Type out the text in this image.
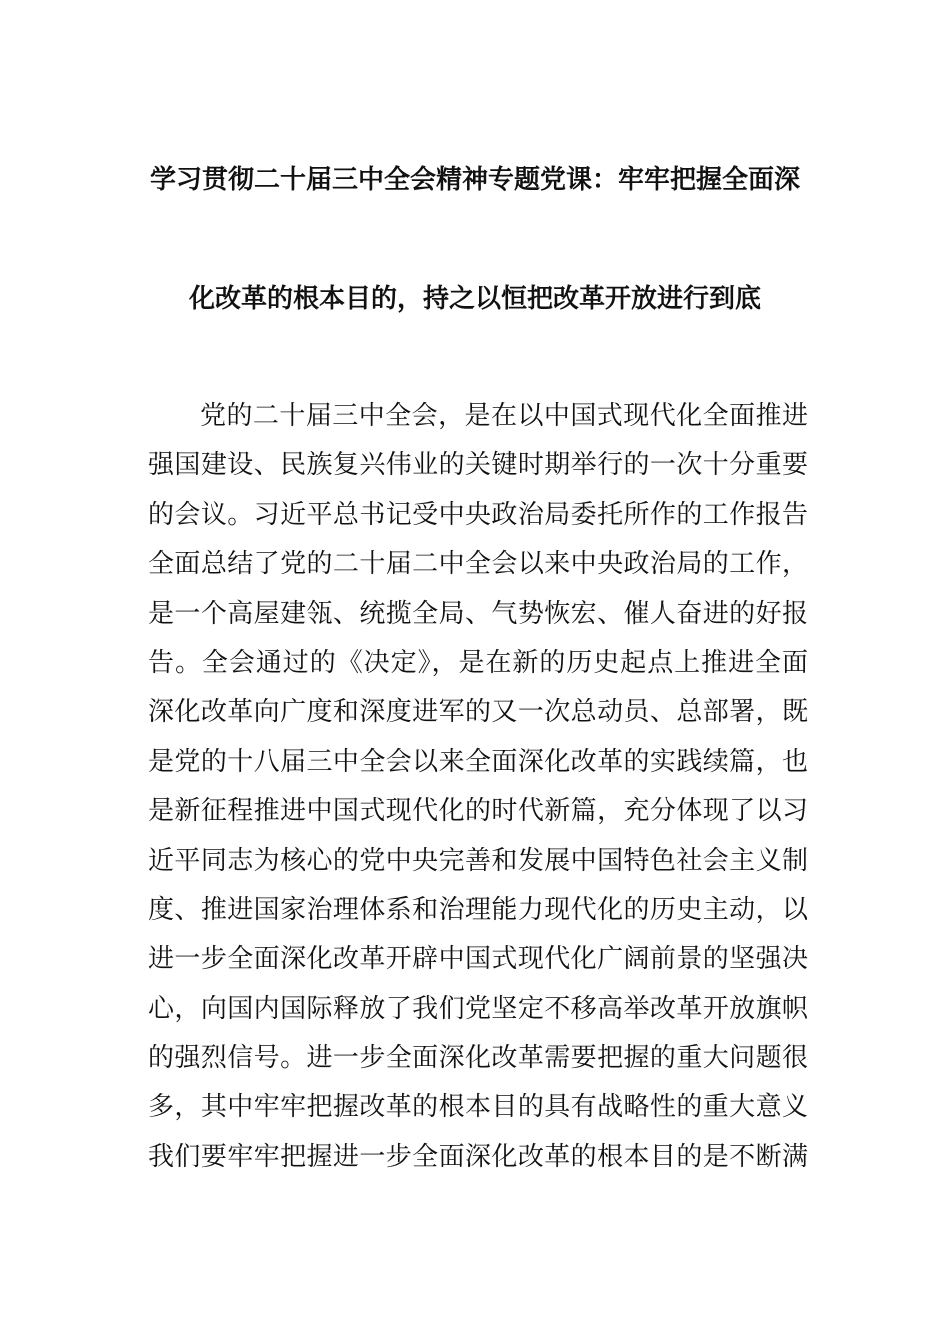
学习贯彻二十届三中全会精神专题党课：牢牢把握全面深
化改革的根本目的，持之以恒把改革开放进行到底
党的二十届三中全会，是在以中国式现代化全面推进
强国建设、民族复兴伟业的关键时期举行的一次十分重要
的会议。习近平总书记受中央政治局委托所作的工作报告
全面总结了党的二十届二中全会以来中央政治局的工作，
是一个高屋建瓴、统揽全局、气势恢宏、催人奋进的好报
告。全会通过的《决定》，是在新的历史起点上推进全面
深化改革向广度和深度进军的又一次总动员、总部署，既
是党的十八届三中全会以来全面深化改革的实践续篇，也
是新征程推进中国式现代化的时代新篇，充分体现了以习
近平同志为核心的党中央完善和发展中国特色社会主义制
度、推进国家治理体系和治理能力现代化的历史主动，以
进一步全面深化改革开辟中国式现代化广阔前景的坚强决
心，向国内国际释放了我们党坚定不移高举改革开放旗帜
的强烈信号。进一步全面深化改革需要把握的重大问题很
多，其中牢牢把握改革的根本目的具有战略性的重大意义
我们要牢牢把握进一步全面深化改革的根本目的是不断满
